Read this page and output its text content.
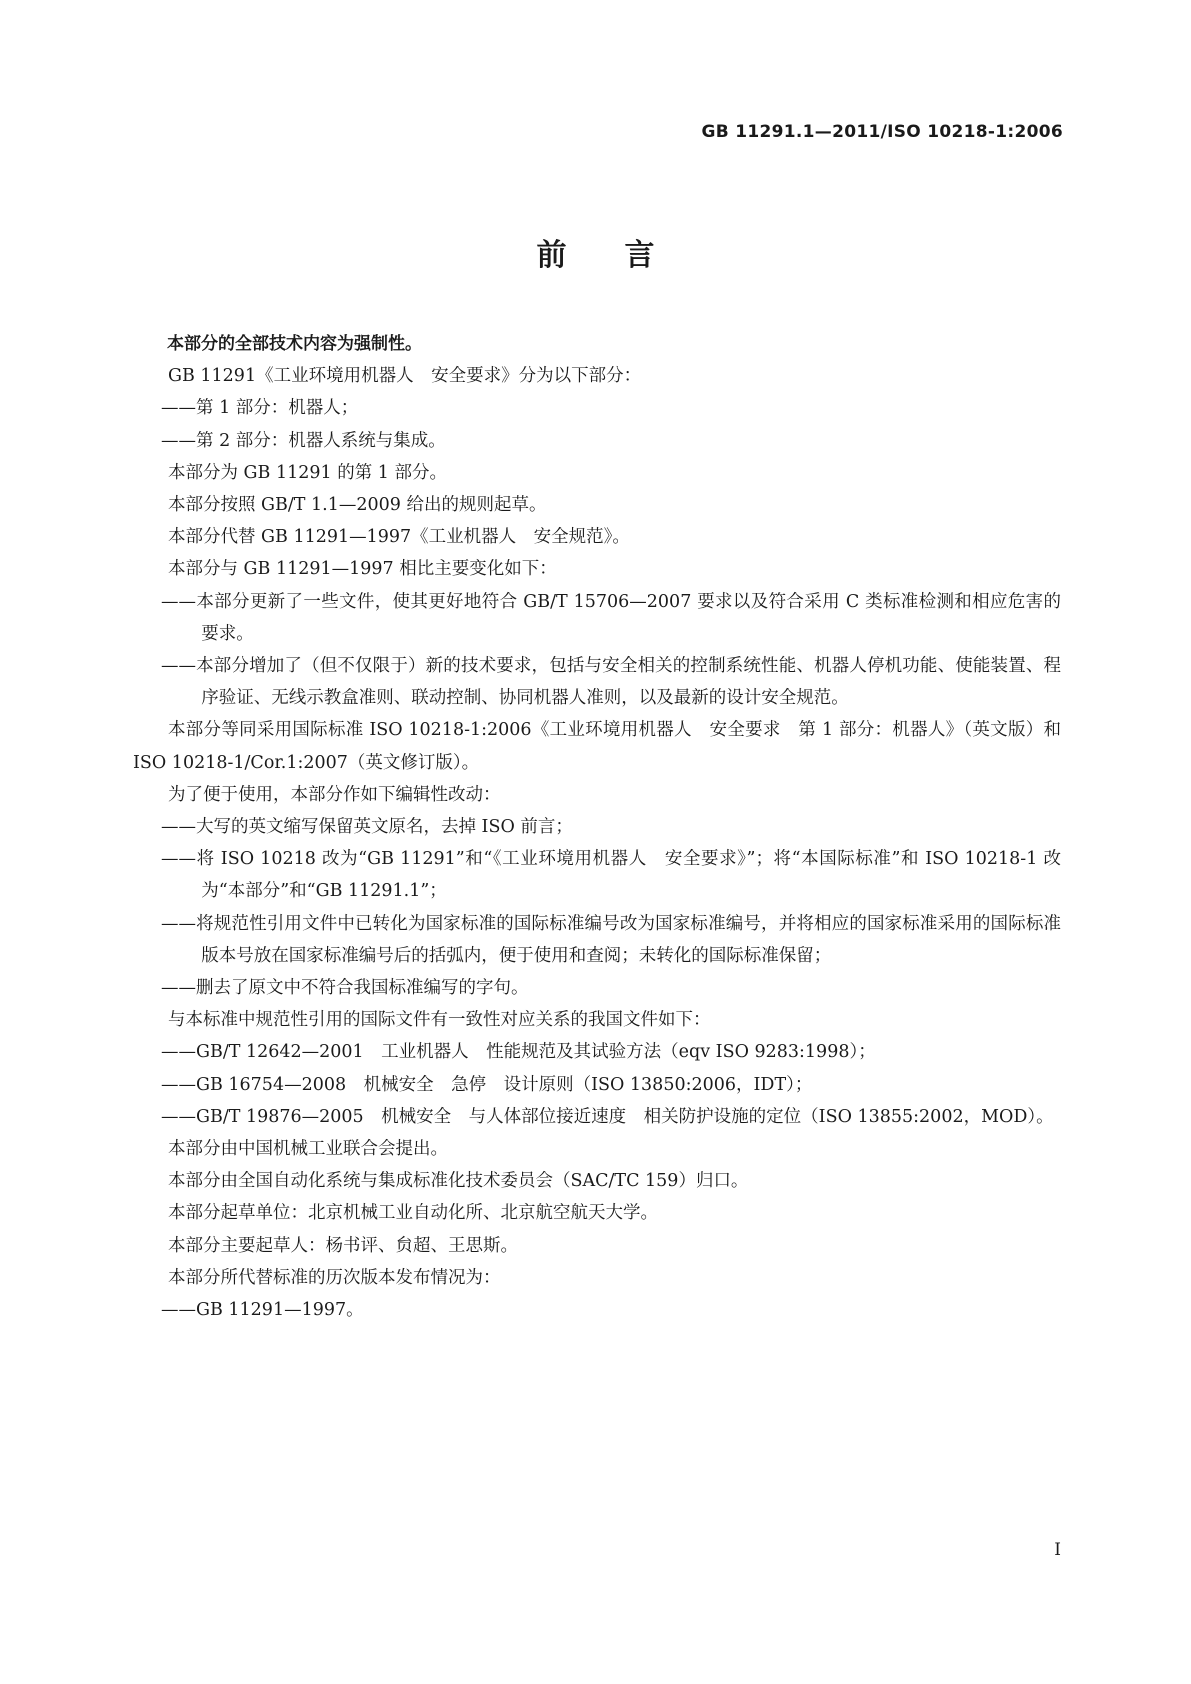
GB 11291.1—2011/ISO 10218-1:2006
前言

本部分的全部技术内容为强制性。

GB 11291《工业环境用机器人　安全要求》分为以下部分：

——第 1 部分：机器人；

——第 2 部分：机器人系统与集成。

本部分为 GB 11291 的第 1 部分。

本部分按照 GB/T 1.1—2009 给出的规则起草。

本部分代替 GB 11291—1997《工业机器人　安全规范》。

本部分与 GB 11291—1997 相比主要变化如下：

——本部分更新了一些文件，使其更好地符合 GB/T 15706—2007 要求以及符合采用 C 类标准检测和相应危害的要求。

——本部分增加了（但不仅限于）新的技术要求，包括与安全相关的控制系统性能、机器人停机功能、使能装置、程序验证、无线示教盒准则、联动控制、协同机器人准则，以及最新的设计安全规范。

本部分等同采用国际标准 ISO 10218-1:2006《工业环境用机器人　安全要求　第 1 部分：机器人》（英文版）和 ISO 10218-1/Cor.1:2007（英文修订版）。

为了便于使用，本部分作如下编辑性改动：

——大写的英文缩写保留英文原名，去掉 ISO 前言；

——将 ISO 10218 改为“GB 11291”和“《工业环境用机器人　安全要求》”；将“本国际标准”和 ISO 10218-1 改为“本部分”和“GB 11291.1”；

——将规范性引用文件中已转化为国家标准的国际标准编号改为国家标准编号，并将相应的国家标准采用的国际标准版本号放在国家标准编号后的括弧内，便于使用和查阅；未转化的国际标准保留；

——删去了原文中不符合我国标准编写的字句。

与本标准中规范性引用的国际文件有一致性对应关系的我国文件如下：

——GB/T 12642—2001　工业机器人　性能规范及其试验方法（eqv ISO 9283:1998）；

——GB 16754—2008　机械安全　急停　设计原则（ISO 13850:2006，IDT）；

——GB/T 19876—2005　机械安全　与人体部位接近速度　相关防护设施的定位（ISO 13855:2002，MOD）。

本部分由中国机械工业联合会提出。

本部分由全国自动化系统与集成标准化技术委员会（SAC/TC 159）归口。

本部分起草单位：北京机械工业自动化所、北京航空航天大学。

本部分主要起草人：杨书评、贠超、王思斯。

本部分所代替标准的历次版本发布情况为：

——GB 11291—1997。

I
